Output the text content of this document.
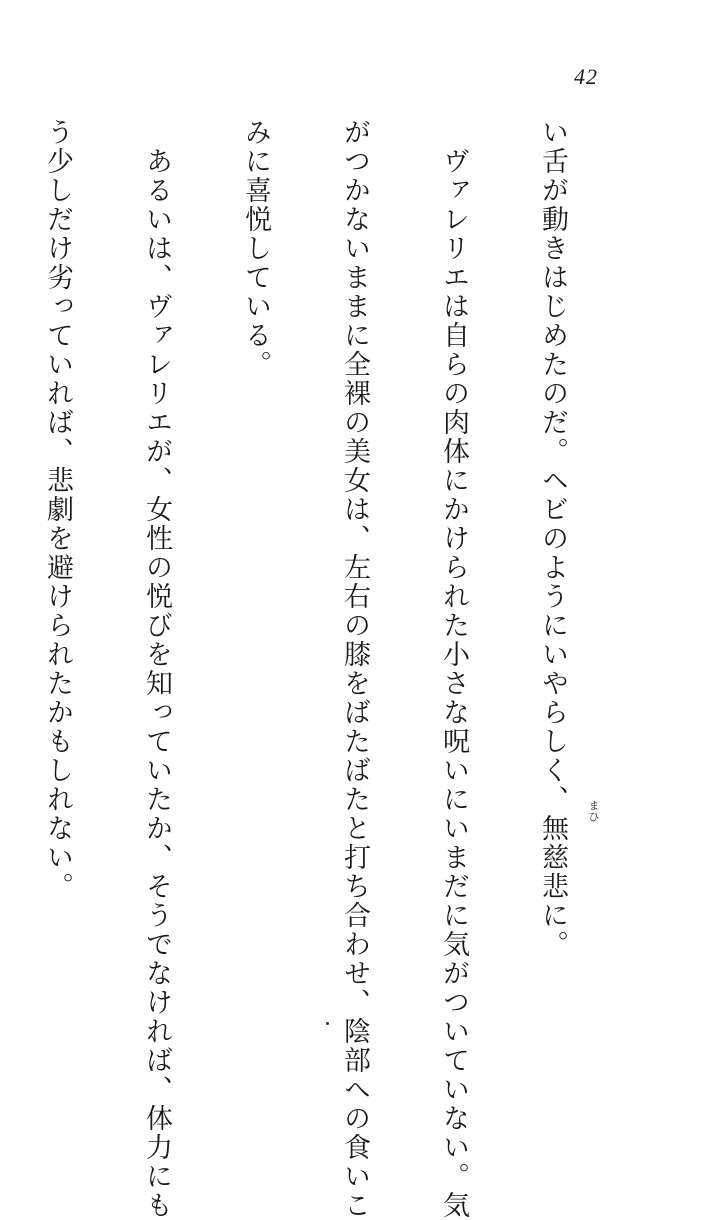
42

い舌が動きはじめたのだ。ヘビのようにいやらしく、無慈悲に。

　ヴァレリエは自らの肉体にかけられた小さな呪いにいまだに気がついていない。気

がつかないままに全裸の美女は、左右の膝をばたばたと打ち合わせ、陰部への食いこ

みに喜悦している。

　あるいは、ヴァレリエが、女性の悦びを知っていたか、そうでなければ、体力にも

う少しだけ劣っていれば、悲劇を避けられたかもしれない。

	まひ
